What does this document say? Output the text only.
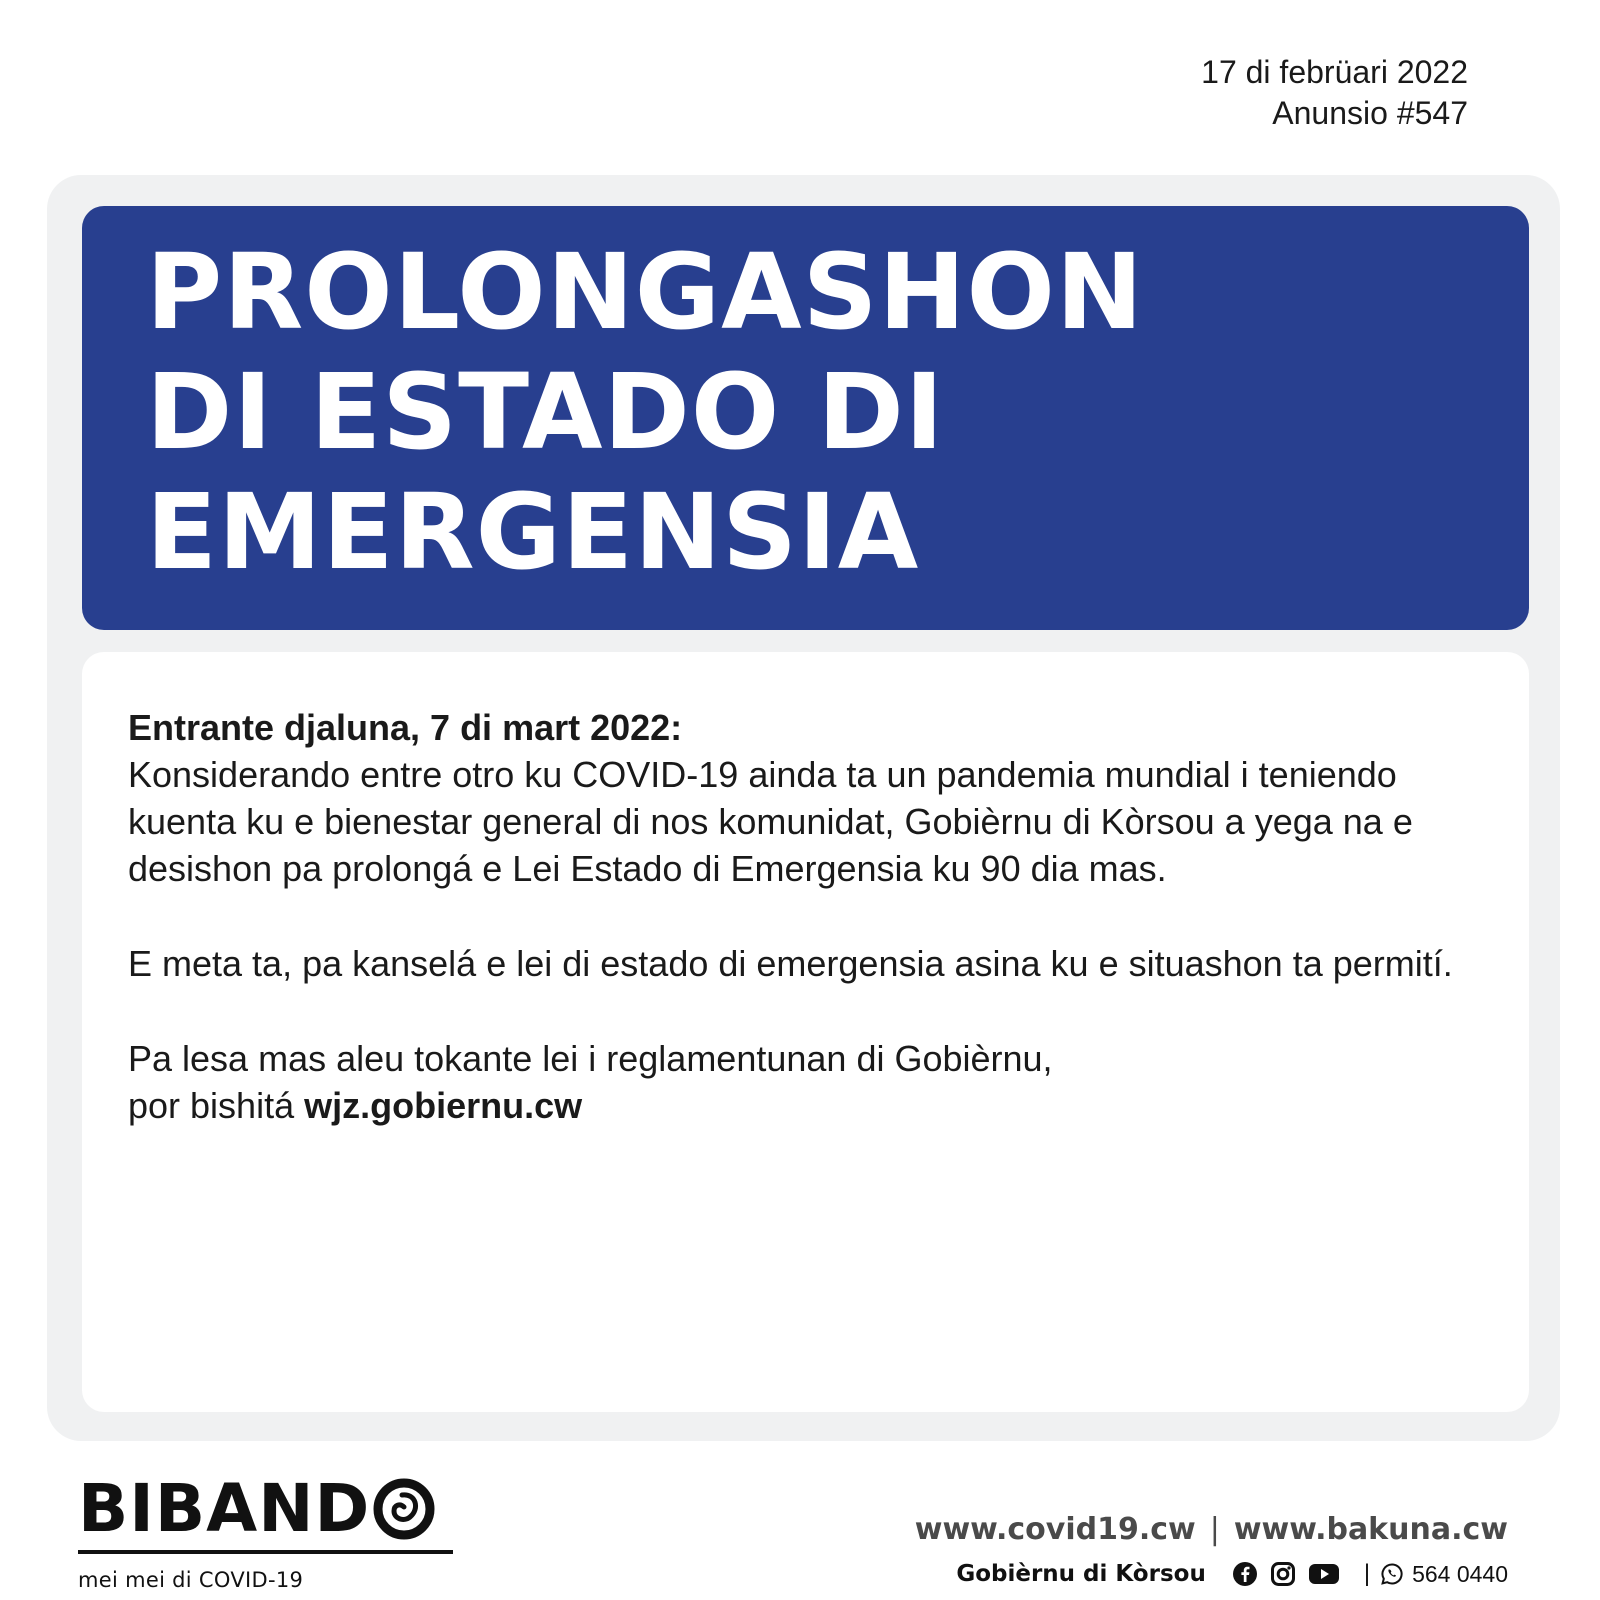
17 di febrüari 2022
Anunsio #547
PROLONGASHON
DI ESTADO DI
EMERGENSIA

Entrante djaluna, 7 di mart 2022:
Konsiderando entre otro ku COVID-19 ainda ta un pandemia mundial i teniendo kuenta ku e bienestar general di nos komunidat, Gobièrnu di Kòrsou a yega na e desishon pa prolongá e Lei Estado di Emergensia ku 90 dia mas.

E meta ta, pa kanselá e lei di estado di emergensia asina ku e situashon ta permití.

Pa lesa mas aleu tokante lei i reglamentunan di Gobièrnu,
por bishitá wjz.gobiernu.cw

BIBAND
mei mei di COVID-19
www.covid19.cw | www.bakuna.cw
Gobièrnu di Kòrsou	| 564 0440
